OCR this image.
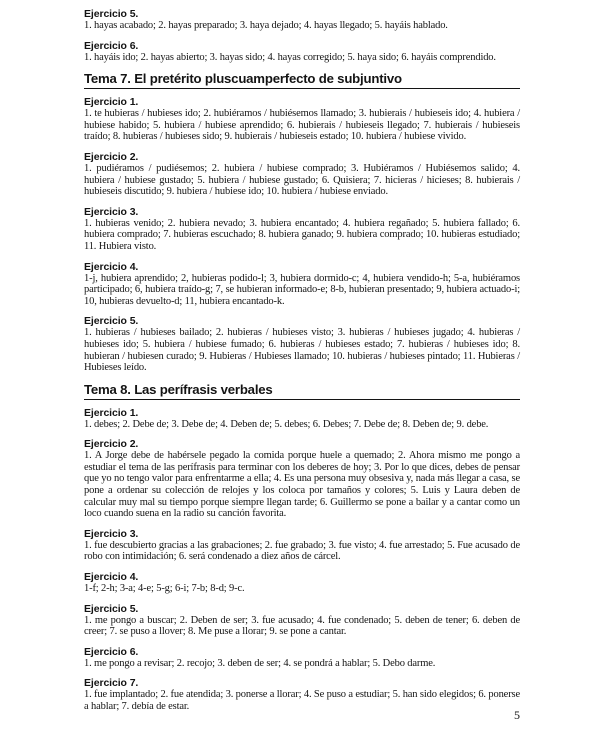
Ejercicio 5.
1. hayas acabado; 2. hayas preparado; 3. haya dejado; 4. hayas llegado; 5. hayáis hablado.
Ejercicio 6.
1. hayáis ido; 2. hayas abierto; 3. hayas sido; 4. hayas corregido; 5. haya sido; 6. hayáis comprendido.
Tema 7. El pretérito pluscuamperfecto de subjuntivo
Ejercicio 1.
1. te hubieras / hubieses ido; 2. hubiéramos / hubiésemos llamado; 3. hubierais / hubieseis ido; 4. hubiera / hubiese habido; 5. hubiera / hubiese aprendido; 6. hubierais / hubieseis llegado; 7. hubierais / hubieseis traído; 8. hubieras / hubieses sido; 9. hubierais / hubieseis estado; 10. hubiera / hubiese vivido.
Ejercicio 2.
1. pudiéramos / pudiésemos; 2. hubiera / hubiese comprado; 3. Hubiéramos / Hubiésemos salido; 4. hubiera / hubiese gustado; 5. hubiera / hubiese gustado; 6. Quisiera; 7. hicieras / hicieses; 8. hubierais / hubieseis discutido; 9. hubiera / hubiese ido; 10. hubiera / hubiese enviado.
Ejercicio 3.
1. hubieras venido; 2. hubiera nevado; 3. hubiera encantado; 4. hubiera regañado; 5. hubiera fallado; 6. hubiera comprado; 7. hubieras escuchado; 8. hubiera ganado; 9. hubiera comprado; 10. hubieras estudiado; 11. Hubiera visto.
Ejercicio 4.
1-j, hubiera aprendido; 2, hubieras podido-l; 3, hubiera dormido-c; 4, hubiera vendido-h; 5-a, hubiéramos participado; 6, hubiera traído-g; 7, se hubieran informado-e; 8-b, hubieran presentado; 9, hubiera actuado-i; 10, hubieras devuelto-d; 11, hubiera encantado-k.
Ejercicio 5.
1. hubieras / hubieses bailado; 2. hubieras / hubieses visto; 3. hubieras / hubieses jugado; 4. hubieras / hubieses ido; 5. hubiera / hubiese fumado; 6. hubieras / hubieses estado; 7. hubieras / hubieses ido; 8. hubieran / hubiesen curado; 9. Hubieras / Hubieses llamado; 10. hubieras / hubieses pintado; 11. Hubieras / Hubieses leído.
Tema 8. Las perífrasis verbales
Ejercicio 1.
1. debes; 2. Debe de; 3. Debe de; 4. Deben de; 5. debes; 6. Debes; 7. Debe de; 8. Deben de; 9. debe.
Ejercicio 2.
1. A Jorge debe de habérsele pegado la comida porque huele a quemado; 2. Ahora mismo me pongo a estudiar el tema de las perífrasis para terminar con los deberes de hoy; 3. Por lo que dices, debes de pensar que yo no tengo valor para enfrentarme a ella; 4. Es una persona muy obsesiva y, nada más llegar a casa, se pone a ordenar su colección de relojes y los coloca por tamaños y colores; 5. Luis y Laura deben de calcular muy mal su tiempo porque siempre llegan tarde; 6. Guillermo se pone a bailar y a cantar como un loco cuando suena en la radio su canción favorita.
Ejercicio 3.
1. fue descubierto gracias a las grabaciones; 2. fue grabado; 3. fue visto; 4. fue arrestado; 5. Fue acusado de robo con intimidación; 6. será condenado a diez años de cárcel.
Ejercicio 4.
1-f; 2-h; 3-a; 4-e; 5-g; 6-i; 7-b; 8-d; 9-c.
Ejercicio 5.
1. me pongo a buscar; 2. Deben de ser; 3. fue acusado; 4. fue condenado; 5. deben de tener; 6. deben de creer; 7. se puso a llover; 8. Me puse a llorar; 9. se pone a cantar.
Ejercicio 6.
1. me pongo a revisar; 2. recojo; 3. deben de ser; 4. se pondrá a hablar; 5. Debo darme.
Ejercicio 7.
1. fue implantado; 2. fue atendida; 3. ponerse a llorar; 4. Se puso a estudiar; 5. han sido elegidos; 6. ponerse a hablar; 7. debía de estar.
5
